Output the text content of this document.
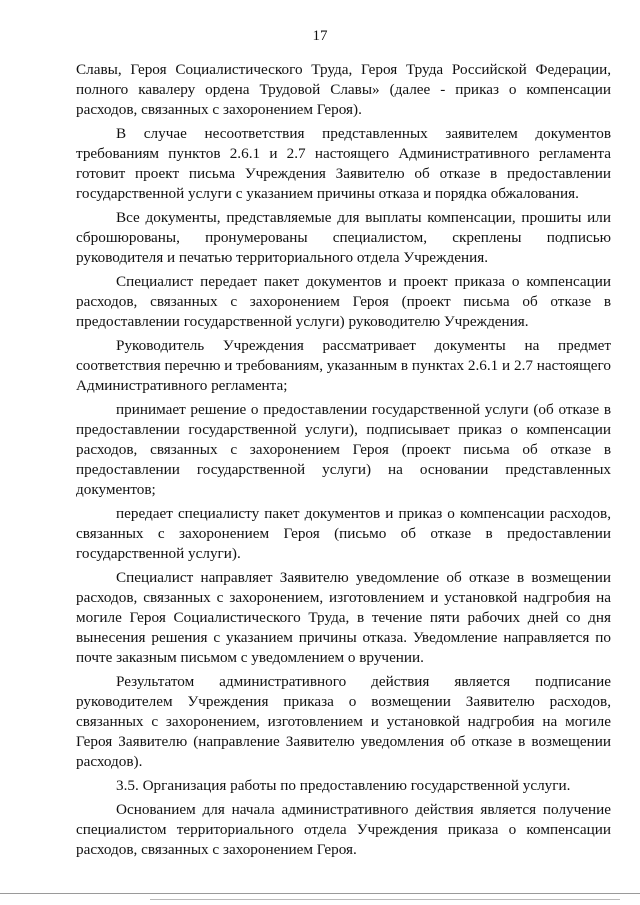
17

Славы, Героя Социалистического Труда, Героя Труда Российской Федерации, полного кавалеру ордена Трудовой Славы» (далее - приказ о компенсации расходов, связанных с захоронением Героя).

В случае несоответствия представленных заявителем документов требованиям пунктов 2.6.1 и 2.7 настоящего Административного регламента готовит проект письма Учреждения Заявителю об отказе в предоставлении государственной услуги с указанием причины отказа и порядка обжалования.

Все документы, представляемые для выплаты компенсации, прошиты или сброшюрованы, пронумерованы специалистом, скреплены подписью руководителя и печатью территориального отдела Учреждения.

Специалист передает пакет документов и проект приказа о компенсации расходов, связанных с захоронением Героя (проект письма об отказе в предоставлении государственной услуги) руководителю Учреждения.

Руководитель Учреждения рассматривает документы на предмет соответствия перечню и требованиям, указанным в пунктах 2.6.1 и 2.7 настоящего Административного регламента;

принимает решение о предоставлении государственной услуги (об отказе в предоставлении государственной услуги), подписывает приказ о компенсации расходов, связанных с захоронением Героя (проект письма об отказе в предоставлении государственной услуги) на основании представленных документов;

передает специалисту пакет документов и приказ о компенсации расходов, связанных с захоронением Героя (письмо об отказе в предоставлении государственной услуги).

Специалист направляет Заявителю уведомление об отказе в возмещении расходов, связанных с захоронением, изготовлением и установкой надгробия на могиле Героя Социалистического Труда, в течение пяти рабочих дней со дня вынесения решения с указанием причины отказа. Уведомление направляется по почте заказным письмом с уведомлением о вручении.

Результатом административного действия является подписание руководителем Учреждения приказа о возмещении Заявителю расходов, связанных с захоронением, изготовлением и установкой надгробия на могиле Героя Заявителю (направление Заявителю уведомления об отказе в возмещении расходов).

3.5. Организация работы по предоставлению государственной услуги.

Основанием для начала административного действия является получение специалистом территориального отдела Учреждения приказа о компенсации расходов, связанных с захоронением Героя.
